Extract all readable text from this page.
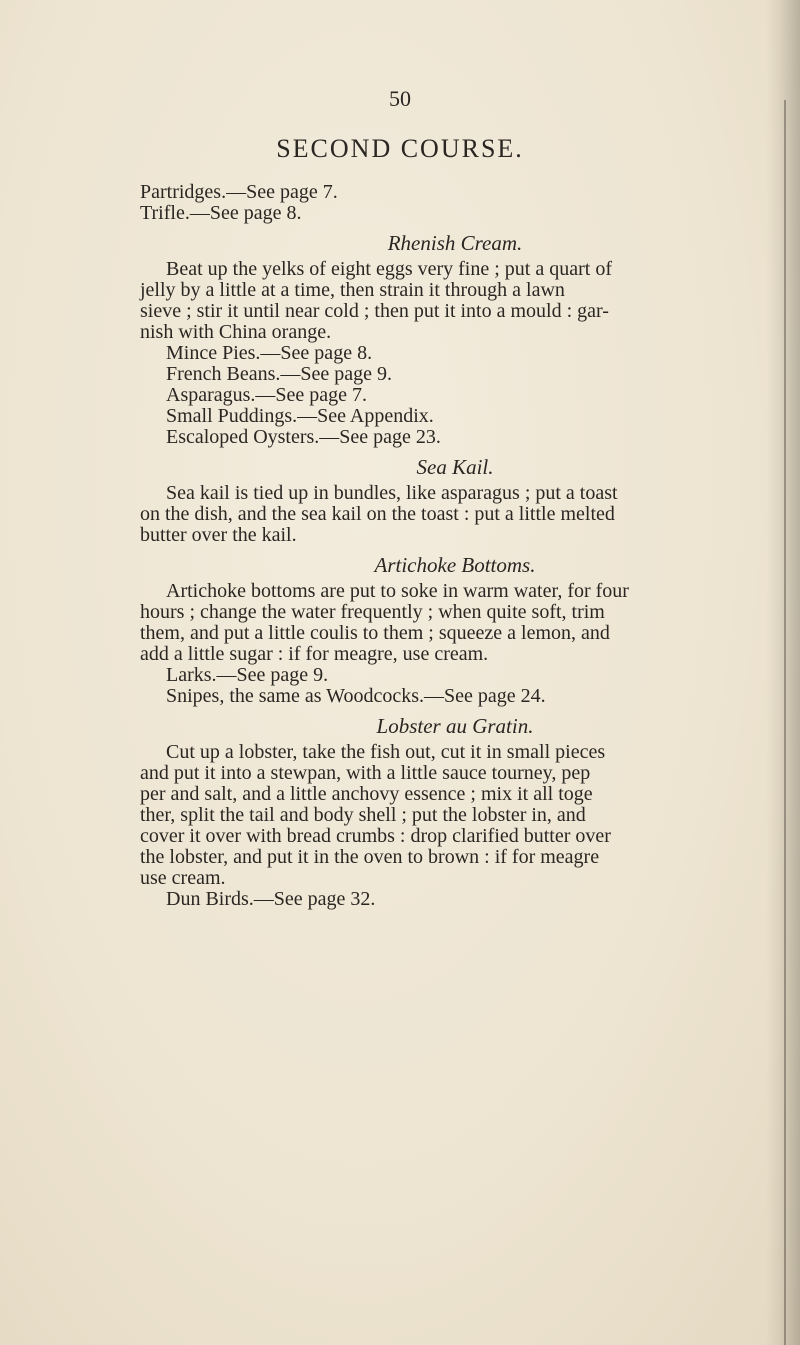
50
SECOND COURSE.
Partridges.—See page 7.
Trifle.—See page 8.
Rhenish Cream.
Beat up the yelks of eight eggs very fine ; put a quart of
jelly by a little at a time, then strain it through a lawn
sieve ; stir it until near cold ; then put it into a mould : gar-
nish with China orange.
Mince Pies.—See page 8.
French Beans.—See page 9.
Asparagus.—See page 7.
Small Puddings.—See Appendix.
Escaloped Oysters.—See page 23.
Sea Kail.
Sea kail is tied up in bundles, like asparagus ; put a toast
on the dish, and the sea kail on the toast : put a little melted
butter over the kail.
Artichoke Bottoms.
Artichoke bottoms are put to soke in warm water, for four
hours ; change the water frequently ; when quite soft, trim
them, and put a little coulis to them ; squeeze a lemon, and
add a little sugar : if for meagre, use cream.
Larks.—See page 9.
Snipes, the same as Woodcocks.—See page 24.
Lobster au Gratin.
Cut up a lobster, take the fish out, cut it in small pieces
and put it into a stewpan, with a little sauce tourney, pep
per and salt, and a little anchovy essence ; mix it all toge
ther, split the tail and body shell ; put the lobster in, and
cover it over with bread crumbs : drop clarified butter over
the lobster, and put it in the oven to brown : if for meagre
use cream.
Dun Birds.—See page 32.
